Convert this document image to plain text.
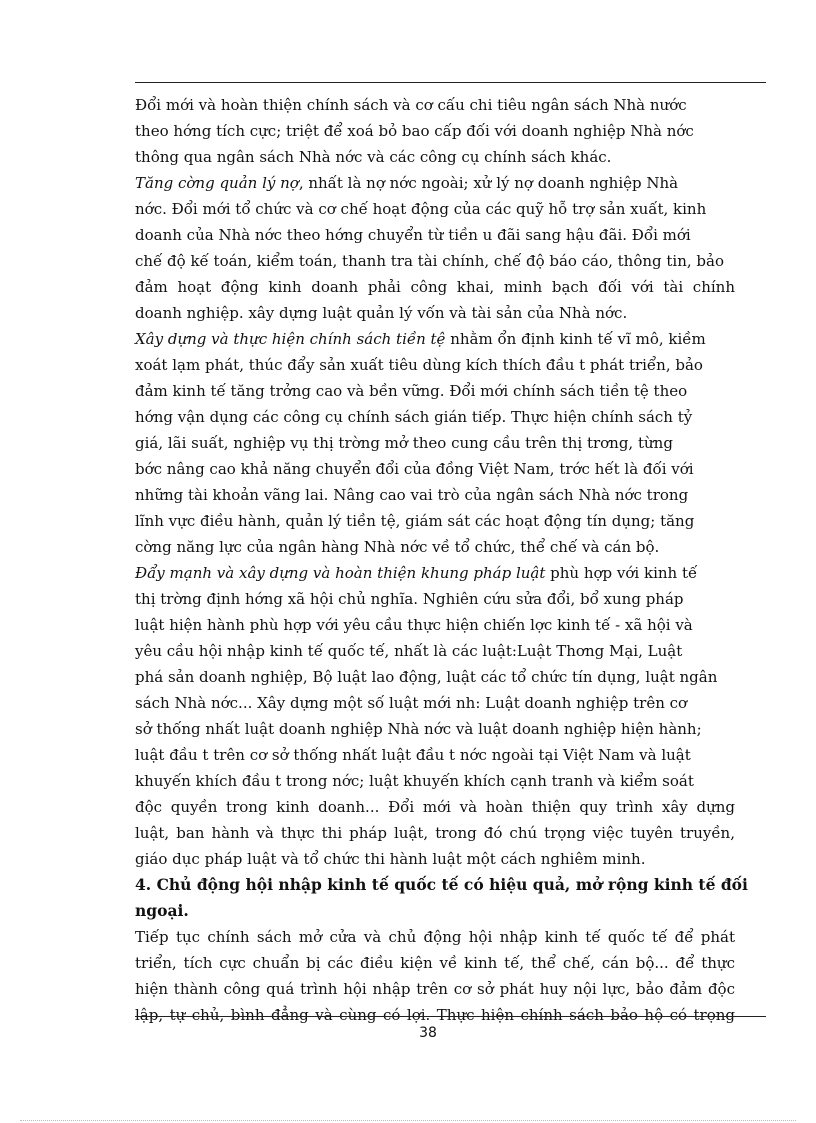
Đổi mới và hoàn thiện chính sách và cơ cấu chi tiêu ngân sách Nhà nước
theo hớng tích cực; triệt để xoá bỏ bao cấp đối với doanh nghiệp Nhà nớc
thông qua ngân sách Nhà nớc và các công cụ chính sách khác.
Tăng cờng quản lý nợ, nhất là nợ nớc ngoài; xử lý nợ doanh nghiệp Nhà
nớc. Đổi mới tổ chức và cơ chế hoạt động của các quỹ hỗ trợ sản xuất, kinh
doanh của Nhà nớc theo hớng chuyển từ tiền u đãi sang hậu đãi. Đổi mới
chế độ kế toán, kiểm toán, thanh tra tài chính, chế độ báo cáo, thông tin, bảo
đảm hoạt động kinh doanh phải công khai, minh bạch đối với tài chính
doanh nghiệp. xây dựng luật quản lý vốn và tài sản của Nhà nớc.
Xây dựng và thực hiện chính sách tiền tệ nhằm ổn định kinh tế vĩ mô, kiềm
xoát lạm phát, thúc đẩy sản xuất tiêu dùng kích thích đầu t phát triển, bảo
đảm kinh tế tăng trởng cao và bền vững. Đổi mới chính sách tiền tệ theo
hớng vận dụng các công cụ chính sách gián tiếp. Thực hiện chính sách tỷ
giá, lãi suất, nghiệp vụ thị trờng mở theo cung cầu trên thị trơng, từng
bớc nâng cao khả năng chuyển đổi của đồng Việt Nam, trớc hết là đối với
những tài khoản vãng lai. Nâng cao vai trò của ngân sách Nhà nớc trong
lĩnh vực điều hành, quản lý tiền tệ, giám sát các hoạt động tín dụng; tăng
cờng năng lực của ngân hàng Nhà nớc về tổ chức, thể chế và cán bộ.
Đẩy mạnh và xây dựng và hoàn thiện khung pháp luật phù hợp với kinh tế
thị trờng định hớng xã hội chủ nghĩa. Nghiên cứu sửa đổi, bổ xung pháp
luật hiện hành phù hợp với yêu cầu thực hiện chiến lợc kinh tế - xã hội và
yêu cầu hội nhập kinh tế quốc tế, nhất là các luật:Luật Thơng Mại, Luật
phá sản doanh nghiệp, Bộ luật lao động, luật các tổ chức tín dụng, luật ngân
sách Nhà nớc... Xây dựng một số luật mới nh: Luật doanh nghiệp trên cơ
sở thống nhất luật doanh nghiệp Nhà nớc và luật doanh nghiệp hiện hành;
luật đầu t trên cơ sở thống nhất luật đầu t nớc ngoài tại Việt Nam và luật
khuyến khích đầu t trong nớc; luật khuyến khích cạnh tranh và kiểm soát
độc quyền trong kinh doanh... Đổi mới và hoàn thiện quy trình xây dựng
luật, ban hành và thực thi pháp luật, trong đó chú trọng việc tuyên truyền,
giáo dục pháp luật và tổ chức thi hành luật một cách nghiêm minh.
4. Chủ động hội nhập kinh tế quốc tế có hiệu quả, mở rộng kinh tế đối
ngoại.
Tiếp tục chính sách mở cửa và chủ động hội nhập kinh tế quốc tế để phát
triển, tích cực chuẩn bị các điều kiện về kinh tế, thể chế, cán bộ... để thực
hiện thành công quá trình hội nhập trên cơ sở phát huy nội lực, bảo đảm độc
lập, tự chủ, bình đẳng và cùng có lợi. Thực hiện chính sách bảo hộ có trọng
38
